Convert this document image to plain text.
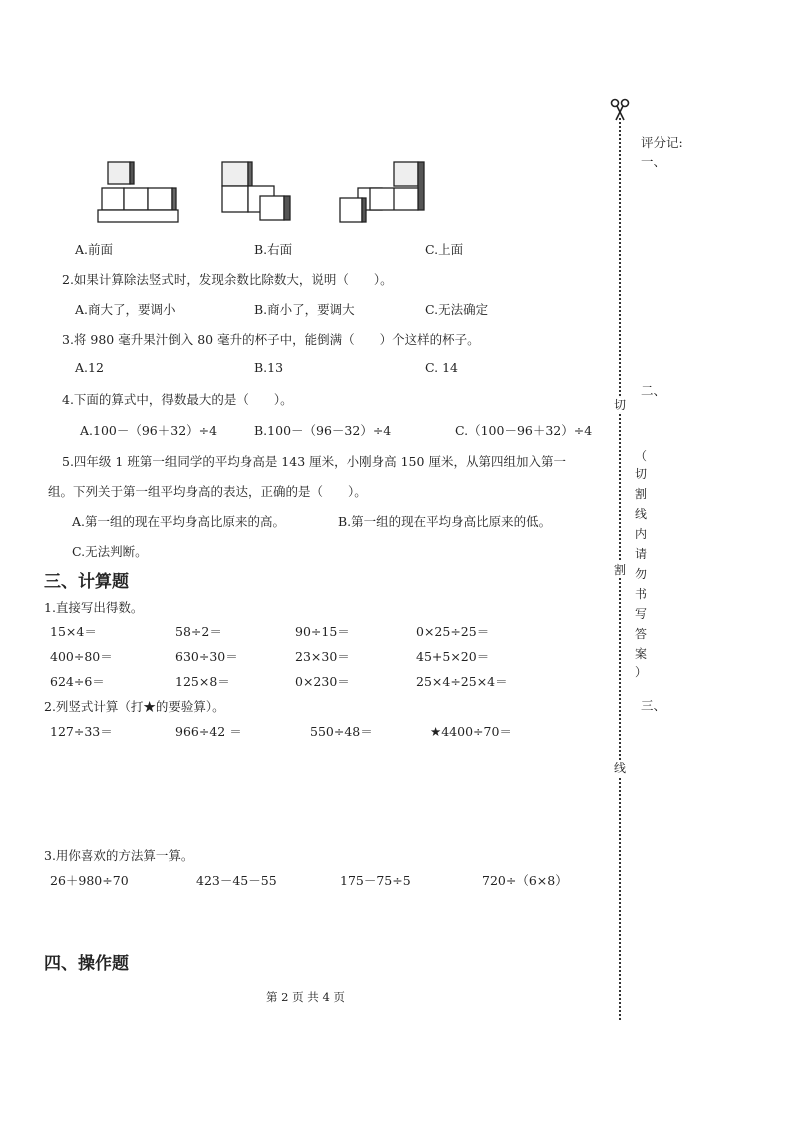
A.前面	B.右面	C.上面
2.如果计算除法竖式时，发现余数比除数大，说明（　　）。
A.商大了，要调小	B.商小了，要调大	C.无法确定
3.将 980 毫升果汁倒入 80 毫升的杯子中，能倒满（　　）个这样的杯子。
A.12	B.13	C. 14
4.下面的算式中，得数最大的是（　　）。
A.100－（96＋32）÷4	B.100－（96－32）÷4	C.（100－96＋32）÷4
5.四年级 1 班第一组同学的平均身高是 143 厘米，小刚身高 150 厘米，从第四组加入第一
组。下列关于第一组平均身高的表达，正确的是（　　）。
A.第一组的现在平均身高比原来的高。	B.第一组的现在平均身高比原来的低。
C.无法判断。
三、计算题
1.直接写出得数。
15×4＝	58÷2＝	90÷15＝	0×25÷25＝
400÷80＝	630÷30＝	23×30＝	45+5×20＝
624÷6＝	125×8＝	0×230＝	25×4÷25×4＝
2.列竖式计算（打★的要验算）。
127÷33＝	966÷42 ＝	550÷48＝	★4400÷70＝
3.用你喜欢的方法算一算。
26＋980÷70	423－45－55	175－75÷5	720÷（6×8）
四、操作题
第 2 页 共 4 页
切
割
线
（
切
割
线
内
请
勿
书
写
答
案
）
评分记:
一、
二、
三、
